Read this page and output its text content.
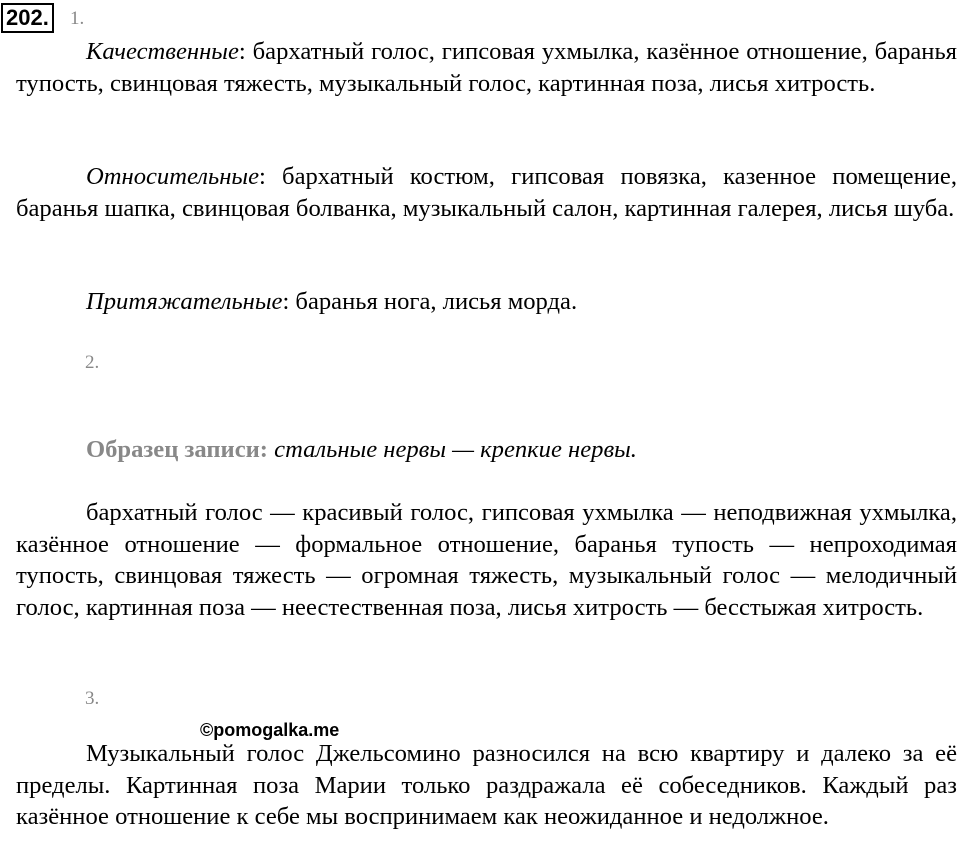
202. 1.

Качественные: бархатный голос, гипсовая ухмылка, казённое отношение, баранья тупость, свинцовая тяжесть, музыкальный голос, картинная поза, лисья хитрость.

Относительные: бархатный костюм, гипсовая повязка, казенное помещение, баранья шапка, свинцовая болванка, музыкальный салон, картинная галерея, лисья шуба.

Притяжательные: баранья нога, лисья морда.

2.

Образец записи: стальные нервы — крепкие нервы.

бархатный голос — красивый голос, гипсовая ухмылка — неподвижная ухмылка, казённое отношение — формальное отношение, баранья тупость — непроходимая тупость, свинцовая тяжесть — огромная тяжесть, музыкальный голос — мелодичный голос, картинная поза — неестественная поза, лисья хитрость — бесстыжая хитрость.

3.
©pomogalka.me

Музыкальный голос Джельсомино разносился на всю квартиру и далеко за её пределы. Картинная поза Марии только раздражала её собеседников. Каждый раз казённое отношение к себе мы воспринимаем как неожиданное и недолжное.
